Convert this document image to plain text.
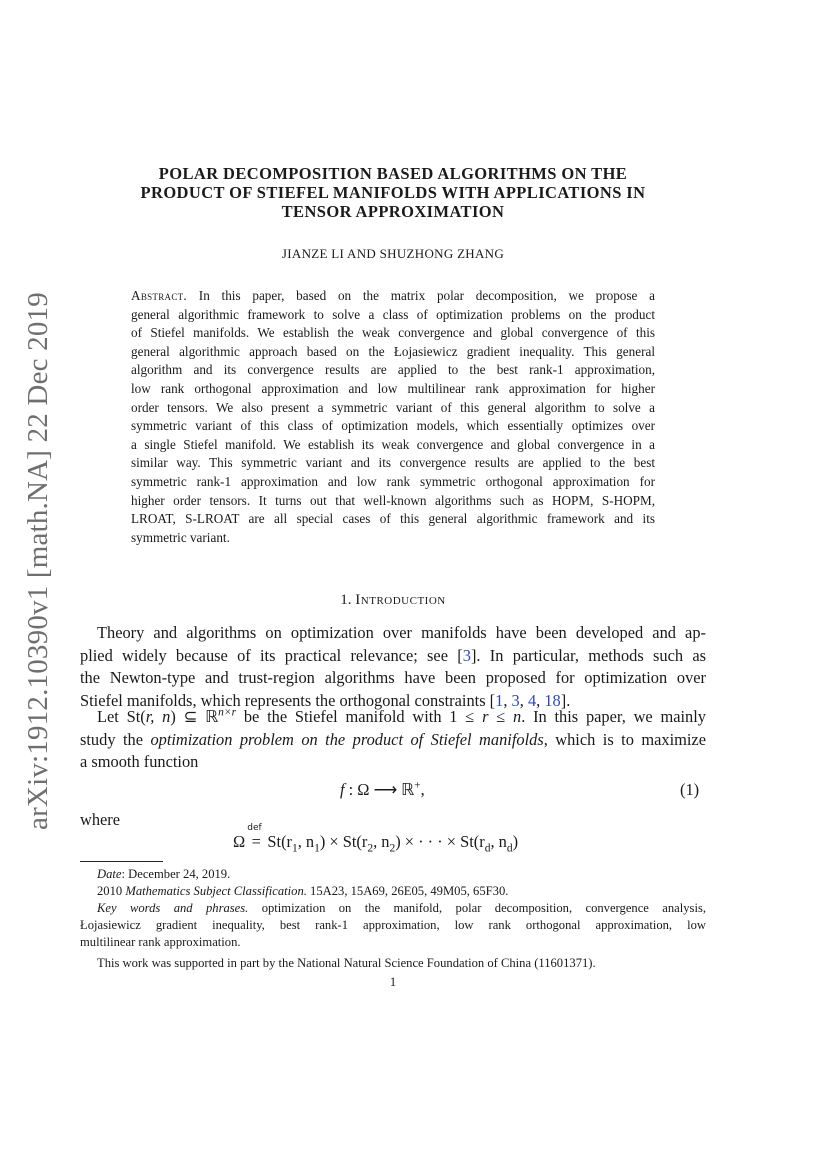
arXiv:1912.10390v1 [math.NA] 22 Dec 2019
POLAR DECOMPOSITION BASED ALGORITHMS ON THE
PRODUCT OF STIEFEL MANIFOLDS WITH APPLICATIONS IN
TENSOR APPROXIMATION
JIANZE LI AND SHUZHONG ZHANG
Abstract. In this paper, based on the matrix polar decomposition, we propose a
general algorithmic framework to solve a class of optimization problems on the product
of Stiefel manifolds. We establish the weak convergence and global convergence of this
general algorithmic approach based on the Łojasiewicz gradient inequality. This general
algorithm and its convergence results are applied to the best rank-1 approximation,
low rank orthogonal approximation and low multilinear rank approximation for higher
order tensors. We also present a symmetric variant of this general algorithm to solve a
symmetric variant of this class of optimization models, which essentially optimizes over
a single Stiefel manifold. We establish its weak convergence and global convergence in a
similar way. This symmetric variant and its convergence results are applied to the best
symmetric rank-1 approximation and low rank symmetric orthogonal approximation for
higher order tensors. It turns out that well-known algorithms such as HOPM, S-HOPM,
LROAT, S-LROAT are all special cases of this general algorithmic framework and its
symmetric variant.
1. Introduction
Theory and algorithms on optimization over manifolds have been developed and ap-
plied widely because of its practical relevance; see [3]. In particular, methods such as
the Newton-type and trust-region algorithms have been proposed for optimization over
Stiefel manifolds, which represents the orthogonal constraints [1, 3, 4, 18].
Let St(r, n) ⊆ ℝ$^{n\times r}$ be the Stiefel manifold with 1 ≤ r ≤ n. In this paper, we mainly
study the optimization problem on the product of Stiefel manifolds, which is to maximize
a smooth function
f : Ω ⟶ ℝ+,	(1)
where
Ω
def
= $St(r_1$, $n_1) \times St(r_2$, $n_2$) × · · · × $St(r_d$, $n_d$)
Date: December 24, 2019.
2010 Mathematics Subject Classification. 15A23, 15A69, 26E05, 49M05, 65F30.
Key words and phrases. optimization on the manifold, polar decomposition, convergence analysis,
Łojasiewicz gradient inequality, best rank-1 approximation, low rank orthogonal approximation, low
multilinear rank approximation.
This work was supported in part by the National Natural Science Foundation of China (11601371).
1
